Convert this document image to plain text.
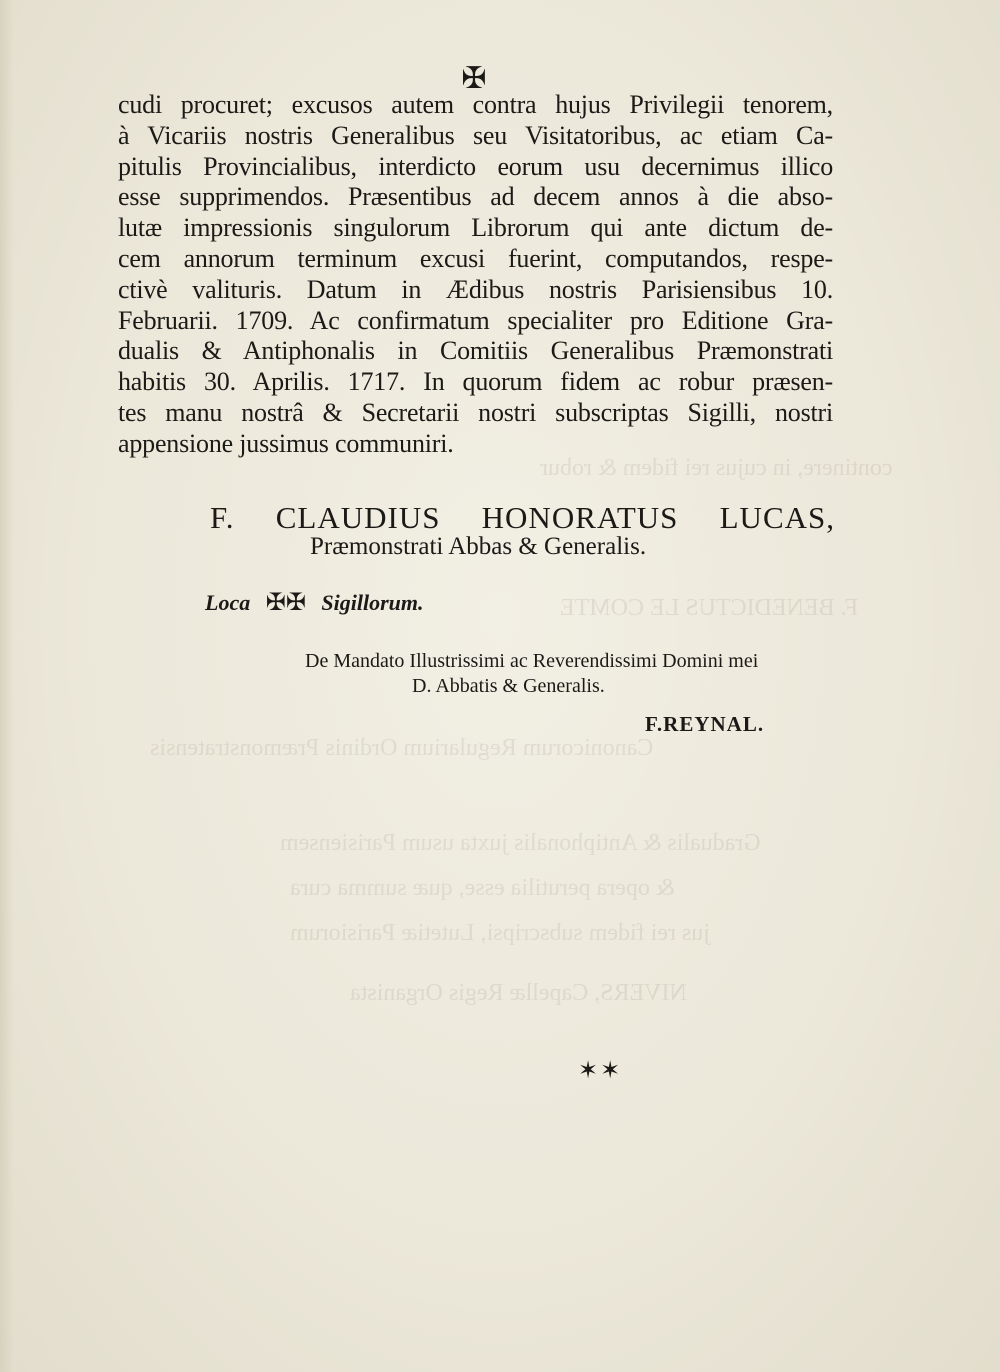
continere, in cujus rei fidem & robur
F. BENEDICTUS LE COMTE
Canonicorum Regularium Ordinis Præmonstratensis
Gradualis & Antiphonalis juxta usum Parisiensem
& opera perutilia esse, quæ summa cura
jus rei fidem subscripsi, Lutetiæ Parisiorum
NIVERS, Capellæ Regis Organista
✠
cudi procuret; excusos autem contra hujus Privilegii tenorem,
à Vicariis nostris Generalibus seu Visitatoribus, ac etiam Ca-
pitulis Provincialibus, interdicto eorum usu decernimus illico
esse supprimendos. Præsentibus ad decem annos à die abso-
lutæ impressionis singulorum Librorum qui ante dictum de-
cem annorum terminum excusi fuerint, computandos, respe-
ctivè valituris. Datum in Ædibus nostris Parisiensibus 10.
Februarii. 1709. Ac confirmatum specialiter pro Editione Gra-
dualis & Antiphonalis in Comitiis Generalibus Præmonstrati
habitis 30. Aprilis. 1717. In quorum fidem ac robur præsen-
tes manu nostrâ & Secretarii nostri subscriptas Sigilli, nostri
appensione jussimus communiri.
F. CLAUDIUS HONORATUS LUCAS,
Præmonstrati Abbas & Generalis.
Loca ✠✠ Sigillorum.
De Mandato Illustrissimi ac Reverendissimi Domini mei
D. Abbatis & Generalis.
F.REYNAL.
✶✶
